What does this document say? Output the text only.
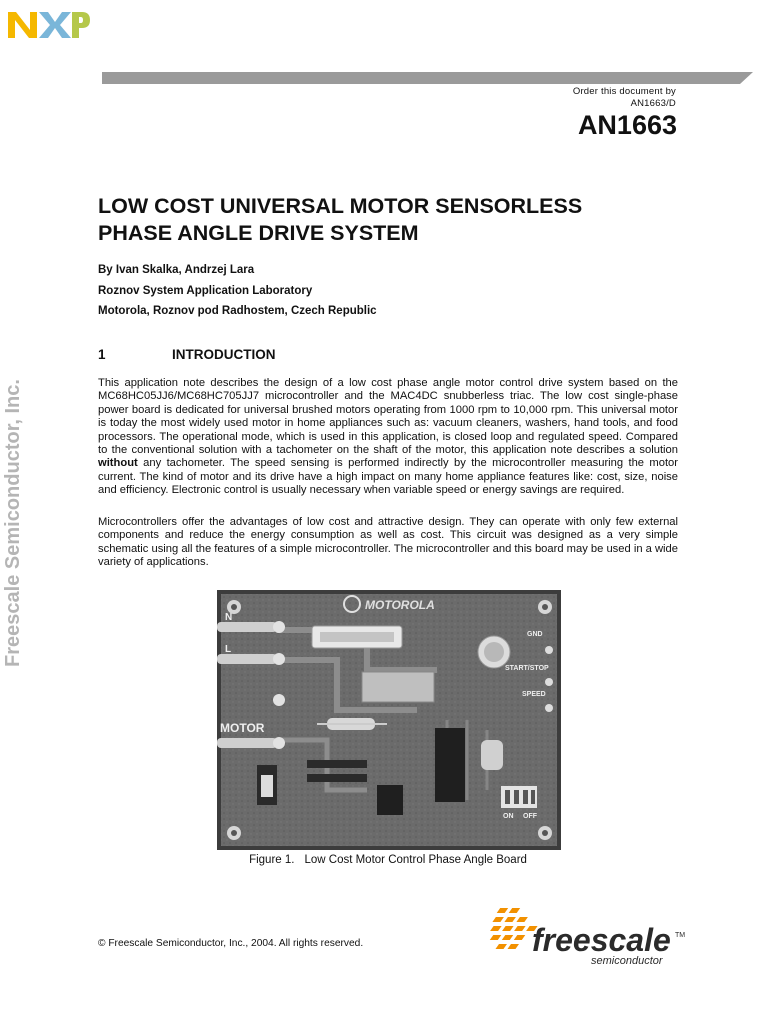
NXP
Order this document by
AN1663/D
AN1663
LOW COST UNIVERSAL MOTOR SENSORLESS
PHASE ANGLE DRIVE SYSTEM
By Ivan Skalka, Andrzej Lara
Roznov System Application Laboratory
Motorola, Roznov pod Radhostem, Czech Republic
1	INTRODUCTION

This application note describes the design of a low cost phase angle motor control drive system based on the MC68HC05JJ6/MC68HC705JJ7 microcontroller and the MAC4DC snubberless triac. The low cost single-phase power board is dedicated for universal brushed motors operating from 1000 rpm to 10,000 rpm. This universal motor is today the most widely used motor in home appliances such as: vacuum cleaners, washers, hand tools, and food processors. The operational mode, which is used in this application, is closed loop and regulated speed. Compared to the conventional solution with a tachometer on the shaft of the motor, this application note describes a solution without any tachometer. The speed sensing is performed indirectly by the microcontroller measuring the motor current. The kind of motor and its drive have a high impact on many home appliance features like: cost, size, noise and efficiency. Electronic control is usually necessary when variable speed or energy savings are required.

Microcontrollers offer the advantages of low cost and attractive design. They can operate with only few external components and reduce the energy consumption as well as cost. This circuit was designed as a very simple schematic using all the features of a simple microcontroller. The microcontroller and this board may be used in a wide variety of applications.

Freescale Semiconductor, Inc.	N
L
MOTOR
MOTOROLA
GND
START/STOP
SPEED
ON OFF
Figure 1. Low Cost Motor Control Phase Angle Board
© Freescale Semiconductor, Inc., 2004. All rights reserved.	freescale TM
semiconductor
